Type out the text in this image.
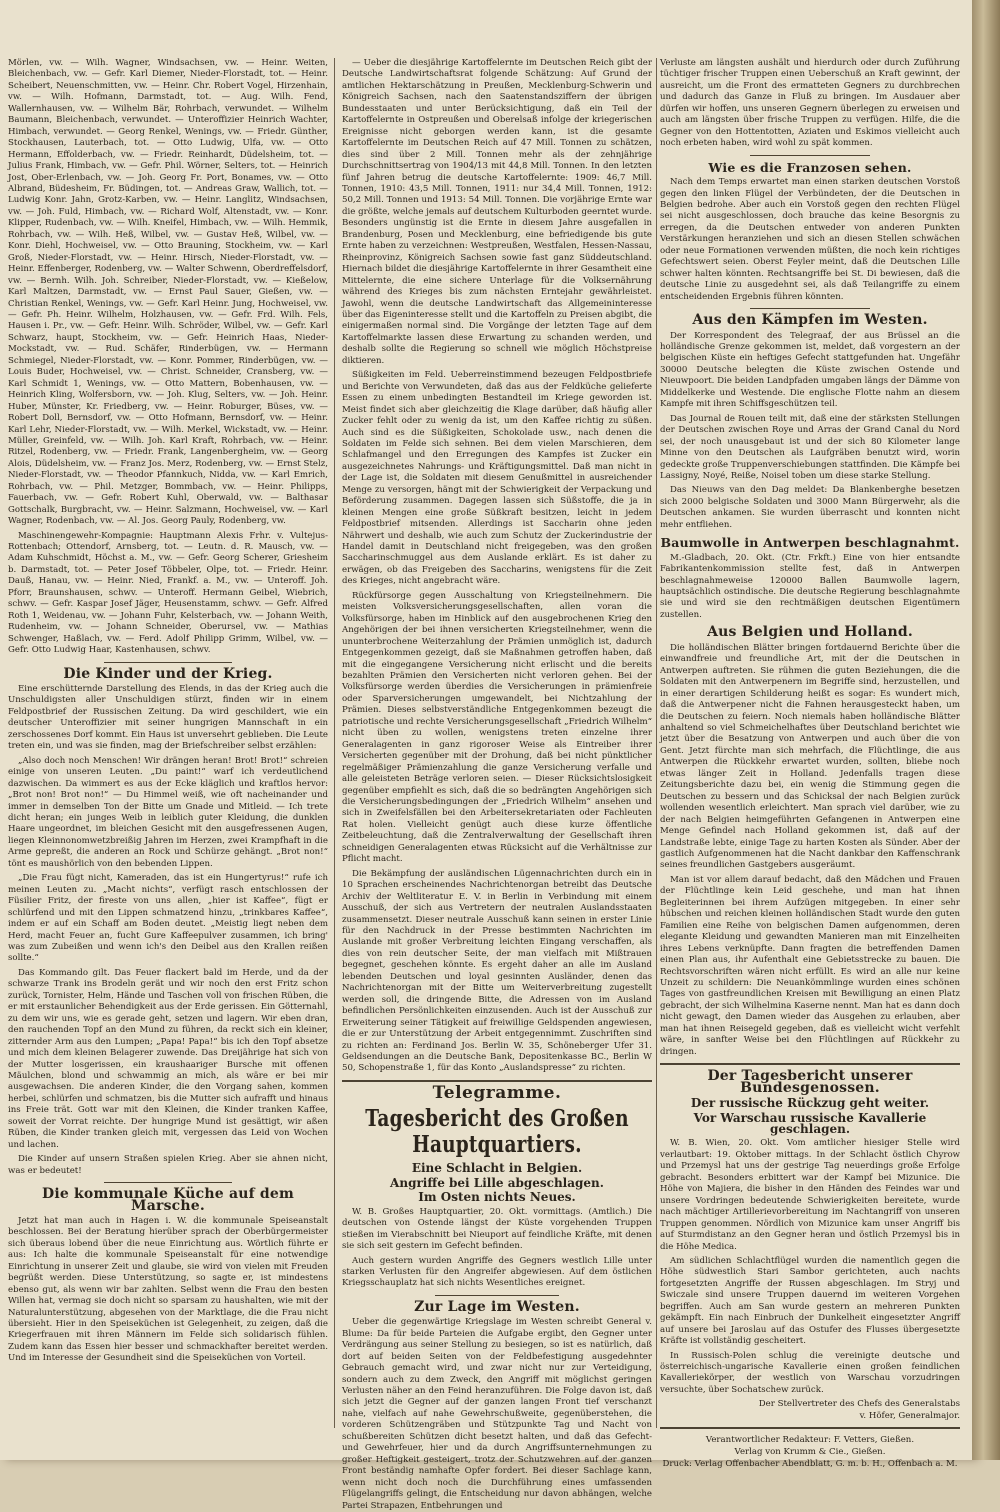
Mörlen, vw. — Wilh. Wagner, Windsachsen, vw. — Heinr. Weiten, Bleichenbach, vw. — Gefr. Karl Diemer, Nieder-Florstadt, tot. — Heinr. Scheibert, Neuenschmitten, vw. — Heinr. Chr. Robert Vogel, Hirzenhain, vw. — Wilh. Hofmann, Darmstadt, tot. — Aug. Wilh. Fend, Wallernhausen, vw. — Wilhelm Bär, Rohrbach, verwundet. — Wilhelm Baumann, Bleichenbach, verwundet. — Unteroffizier Heinrich Wachter, Himbach, verwundet. — Georg Renkel, Wenings, vw. — Friedr. Günther, Stockhausen, Lauterbach, tot. — Otto Ludwig, Ulfa, vw. — Otto Hermann, Effolderbach, vw. — Friedr. Reinhardt, Düdelsheim, tot. — Julius Frank, Himbach, vw. — Gefr. Phil. Wörner, Selters, tot. — Heinrich Jost, Ober-Erlenbach, vw. — Joh. Georg Fr. Port, Bonames, vw. — Otto Albrand, Büdesheim, Fr. Büdingen, tot. — Andreas Graw, Wallich, tot. — Ludwig Konr. Jahn, Grotz-Karben, vw. — Heinr. Langlitz, Windsachsen, vw. — Joh. Fuld, Himbach, vw. — Richard Wolf, Altenstadt, vw. — Konr. Klipper, Rudenbach, vw. — Wilh. Kneifel, Himbach, vw. — Wilh. Hemmik, Rohrbach, vw. — Wilh. Heß, Wilbel, vw. — Gustav Heß, Wilbel, vw. — Konr. Diehl, Hochweisel, vw. — Otto Brauning, Stockheim, vw. — Karl Groß, Nieder-Florstadt, vw. — Heinr. Hirsch, Nieder-Florstadt, vw. — Heinr. Effenberger, Rodenberg, vw. — Walter Schwenn, Oberdreffelsdorf, vw. — Bernh. Wilh. Joh. Schreiber, Nieder-Florstadt, vw. — Kießelow, Karl Maltzen, Darmstadt, vw. — Ernst Paul Sauer, Gießen, vw. — Christian Renkel, Wenings, vw. — Gefr. Karl Heinr. Jung, Hochweisel, vw. — Gefr. Ph. Heinr. Wilhelm, Holzhausen, vw. — Gefr. Frd. Wilh. Fels, Hausen i. Pr., vw. — Gefr. Heinr. Wilh. Schröder, Wilbel, vw. — Gefr. Karl Schwarz, haupt, Stockheim, vw. — Gefr. Heinrich Haas, Nieder-Mockstadt, vw. — Rud. Schäfer, Rinderbügen, vw. — Hermann Schmiegel, Nieder-Florstadt, vw. — Konr. Pommer, Rinderbügen, vw. — Louis Buder, Hochweisel, vw. — Christ. Schneider, Cransberg, vw. — Karl Schmidt 1, Wenings, vw. — Otto Mattern, Bobenhausen, vw. — Heinrich Kling, Wolfersborn, vw. — Joh. Klug, Selters, vw. — Joh. Heinr. Huber, Münster, Kr. Friedberg, vw. — Heinr. Roburger, Büses, vw. — Robert Doll, Bernsdorf, vw. — Otto Hofmann, Bernsdorf, vw. — Heinr. Karl Lehr, Nieder-Florstadt, vw. — Wilh. Merkel, Wickstadt, vw. — Heinr. Müller, Greinfeld, vw. — Wilh. Joh. Karl Kraft, Rohrbach, vw. — Heinr. Ritzel, Rodenberg, vw. — Friedr. Frank, Langenbergheim, vw. — Georg Alois, Düdelsheim, vw. — Franz Jos. Merz, Rodenberg, vw. — Ernst Stelz, Nieder-Florstadt, vw. — Theodor Pfannkuch, Nidda, vw. — Karl Emrich, Rohrbach, vw. — Phil. Metzger, Bommbach, vw. — Heinr. Philipps, Fauerbach, vw. — Gefr. Robert Kuhl, Oberwald, vw. — Balthasar Gottschalk, Burgbracht, vw. — Heinr. Salzmann, Hochweisel, vw. — Karl Wagner, Rodenbach, vw. — Al. Jos. Georg Pauly, Rodenberg, vw.

Maschinengewehr-Kompagnie: Hauptmann Alexis Frhr. v. Vultejus-Rottenbach; Ottendorf, Arnsberg, tot. — Leutn. d. R. Mausch, vw. — Adam Kuhschmidt, Höchst a. M., vw. — Gefr. Georg Scherer, Griesheim b. Darmstadt, tot. — Peter Josef Többeler, Olpe, tot. — Friedr. Heinr. Dauß, Hanau, vw. — Heinr. Nied, Frankf. a. M., vw. — Unteroff. Joh. Pforr, Braunshausen, schwv. — Unteroff. Hermann Geibel, Wiebrich, schwv. — Gefr. Kaspar Josef Jäger, Heusenstamm, schwv. — Gefr. Alfred Roth 1, Weidenau, vw. — Johann Fuhr, Kelsterbach, vw. — Johann Weith, Rudenheim, vw. — Johann Schneider, Oberursel, vw. — Mathias Schwenger, Haßlach, vw. — Ferd. Adolf Philipp Grimm, Wilbel, vw. — Gefr. Otto Ludwig Haar, Kastenhausen, schwv.

Die Kinder und der Krieg.

Eine erschütternde Darstellung des Elends, in das der Krieg auch die Unschuldigsten aller Unschuldigen stürzt, finden wir in einem Feldpostbrief der Russischen Zeitung. Da wird geschildert, wie ein deutscher Unteroffizier mit seiner hungrigen Mannschaft in ein zerschossenes Dorf kommt. Ein Haus ist unversehrt geblieben. Die Leute treten ein, und was sie finden, mag der Briefschreiber selbst erzählen:

„Also doch noch Menschen! Wir drängen heran! Brot! Brot!“ schreien einige von unseren Leuten. „Du paint!“ warf ich verdeutlichend dazwischen. Da wimmert es aus der Ecke kläglich und kraftlos hervor: „Brot non! Brot non!“ — Du Himmel weiß, wie oft nacheinander und immer in demselben Ton der Bitte um Gnade und Mitleid. — Ich trete dicht heran; ein junges Weib in leiblich guter Kleidung, die dunklen Haare ungeordnet, im bleichen Gesicht mit den ausgefressenen Augen, liegen Kleinnonomwetzbreißig Jahren im Herzen, zwei Krampfhaft in die Arme gepreßt, die anderen an Rock und Schürze gehängt. „Brot non!“ tönt es maushörlich von den bebenden Lippen.

„Die Frau fügt nicht, Kameraden, das ist ein Hungertyrus!“ rufe ich meinen Leuten zu. „Macht nichts“, verfügt rasch entschlossen der Füsilier Fritz, der fireste von uns allen, „hier ist Kaffee“, fügt er schlürfend und mit den Lippen schmatzend hinzu, „trinkbares Kaffee“, indem er auf ein Schaff am Boden deutet. „Meistig liegt neben dem Herd, macht Feuer an, fucht Gure Kaffeepulver zusammen, ich bring' was zum Zubeißen und wenn ich's den Deibel aus den Krallen reißen sollte.“

Das Kommando gilt. Das Feuer flackert bald im Herde, und da der schwarze Trank ins Brodeln gerät und wir noch den erst Fritz schon zurück, Tornister, Helm, Hände und Taschen voll von frischen Rüben, die er mit erstaunlicher Behendigkeit aus der Erde gerissen. Ein Götternahl, zu dem wir uns, wie es gerade geht, setzen und lagern. Wir eben dran, den rauchenden Topf an den Mund zu führen, da reckt sich ein kleiner, zitternder Arm aus den Lumpen; „Papa! Papa!“ bis ich den Topf absetze und mich dem kleinen Belagerer zuwende. Das Dreijährige hat sich von der Mutter losgerissen, ein kraushaariger Bursche mit offenen Mäulchen, blond und schwammig an mich, als wäre er bei mir ausgewachsen. Die anderen Kinder, die den Vorgang sahen, kommen herbei, schlürfen und schmatzen, bis die Mutter sich aufrafft und hinaus ins Freie trät. Gott war mit den Kleinen, die Kinder tranken Kaffee, soweit der Vorrat reichte. Der hungrige Mund ist gesättigt, wir aßen Rüben, die Kinder tranken gleich mit, vergessen das Leid von Wochen und lachen.

Die Kinder auf unsern Straßen spielen Krieg. Aber sie ahnen nicht, was er bedeutet!

Die kommunale Küche auf dem Marsche.

Jetzt hat man auch in Hagen i. W. die kommunale Speiseanstalt beschlossen. Bei der Beratung hierüber sprach der Oberbürgermeister sich überaus lobend über die neue Einrichtung aus. Wörtlich führte er aus: Ich halte die kommunale Speiseanstalt für eine notwendige Einrichtung in unserer Zeit und glaube, sie wird von vielen mit Freuden begrüßt werden. Diese Unterstützung, so sagte er, ist mindestens ebenso gut, als wenn wir bar zahlten. Selbst wenn die Frau den besten Willen hat, vermag sie doch nicht so sparsam zu haushalten, wie mit der Naturalunterstützung, abgesehen von der Marktlage, die die Frau nicht übersieht. Hier in den Speiseküchen ist Gelegenheit, zu zeigen, daß die Kriegerfrauen mit ihren Männern im Felde sich solidarisch fühlen. Zudem kann das Essen hier besser und schmackhafter bereitet werden. Und im Interesse der Gesundheit sind die Speiseküchen von Vorteil.

— Ueber die diesjährige Kartoffelernte im Deutschen Reich gibt der Deutsche Landwirtschaftsrat folgende Schätzung: Auf Grund der amtlichen Hektarschätzung in Preußen, Mecklenburg-Schwerin und Königreich Sachsen, nach den Saatenstandsziffern der übrigen Bundesstaaten und unter Berücksichtigung, daß ein Teil der Kartoffelernte in Ostpreußen und Oberelsaß infolge der kriegerischen Ereignisse nicht geborgen werden kann, ist die gesamte Kartoffelernte im Deutschen Reich auf 47 Mill. Tonnen zu schätzen, dies sind über 2 Mill. Tonnen mehr als der zehnjährige Durchschnittsertrag von 1904/13 mit 44,8 Mill. Tonnen. In den letzten fünf Jahren betrug die deutsche Kartoffelernte: 1909: 46,7 Mill. Tonnen, 1910: 43,5 Mill. Tonnen, 1911: nur 34,4 Mill. Tonnen, 1912: 50,2 Mill. Tonnen und 1913: 54 Mill. Tonnen. Die vorjährige Ernte war die größte, welche jemals auf deutschem Kulturboden geerntet wurde. Besonders ungünstig ist die Ernte in diesem Jahre ausgefallen in Brandenburg, Posen und Mecklenburg, eine befriedigende bis gute Ernte haben zu verzeichnen: Westpreußen, Westfalen, Hessen-Nassau, Rheinprovinz, Königreich Sachsen sowie fast ganz Süddeutschland. Hiernach bildet die diesjährige Kartoffelernte in ihrer Gesamtheit eine Mittelernte, die eine sichere Unterlage für die Volksernährung während des Krieges bis zum nächsten Erntejahr gewährleistet. Jawohl, wenn die deutsche Landwirtschaft das Allgemeininteresse über das Eigeninteresse stellt und die Kartoffeln zu Preisen abgibt, die einigermaßen normal sind. Die Vorgänge der letzten Tage auf dem Kartoffelmarkte lassen diese Erwartung zu schanden werden, und deshalb sollte die Regierung so schnell wie möglich Höchstpreise diktieren.

Süßigkeiten im Feld. Ueberreinstimmend bezeugen Feldpostbriefe und Berichte von Verwundeten, daß das aus der Feldküche gelieferte Essen zu einem unbedingten Bestandteil im Kriege geworden ist. Meist findet sich aber gleichzeitig die Klage darüber, daß häufig aller Zucker fehlt oder zu wenig da ist, um den Kaffee richtig zu süßen. Auch sind es die Süßigkeiten, Schokolade usw., nach denen die Soldaten im Felde sich sehnen. Bei dem vielen Marschieren, dem Schlafmangel und den Erregungen des Kampfes ist Zucker ein ausgezeichnetes Nahrungs- und Kräftigungsmittel. Daß man nicht in der Lage ist, die Soldaten mit diesem Genußmittel in ausreichender Menge zu versorgen, hängt mit der Schwierigkeit der Verpackung und Beförderung zusammen. Dagegen lassen sich Süßstoffe, die ja in kleinen Mengen eine große Süßkraft besitzen, leicht in jedem Feldpostbrief mitsenden. Allerdings ist Saccharin ohne jeden Nährwert und deshalb, wie auch zum Schutz der Zuckerindustrie der Handel damit in Deutschland nicht freigegeben, was den großen Saccharinschmuggel aus dem Auslande erklärt. Es ist daher zu erwägen, ob das Freigeben des Saccharins, wenigstens für die Zeit des Krieges, nicht angebracht wäre.

Rückfürsorge gegen Ausschaltung von Kriegsteilnehmern. Die meisten Volksversicherungsgesellschaften, allen voran die Volksfürsorge, haben im Hinblick auf den ausgebrochenen Krieg den Angehörigen der bei ihnen versicherten Kriegsteilnehmer, wenn die ununterbrochene Weiterzahlung der Prämien unmöglich ist, dadurch Entgegenkommen gezeigt, daß sie Maßnahmen getroffen haben, daß mit die eingegangene Versicherung nicht erlischt und die bereits bezahlten Prämien den Versicherten nicht verloren gehen. Bei der Volksfürsorge werden überdies die Versicherungen in prämienfreie oder Sparversicherungen umgewandelt, bei Nichtzahlung der Prämien. Dieses selbstverständliche Entgegenkommen bezeugt die patriotische und rechte Versicherungsgesellschaft „Friedrich Wilhelm“ nicht üben zu wollen, wenigstens treten einzelne ihrer Generalagenten in ganz rigoroser Weise als Eintreiber ihrer Versicherten gegenüber mit der Drohung, daß bei nicht pünktlicher regelmäßiger Prämienzahlung die ganze Versicherung verfalle und alle geleisteten Beträge verloren seien. — Dieser Rücksichtslosigkeit gegenüber empfiehlt es sich, daß die so bedrängten Angehörigen sich die Versicherungsbedingungen der „Friedrich Wilhelm“ ansehen und sich in Zweifelsfällen bei den Arbeitersekretariaten oder Fachleuten Rat holen. Vielleicht genügt auch diese kurze öffentliche Zeitbeleuchtung, daß die Zentralverwaltung der Gesellschaft ihren schneidigen Generalagenten etwas Rücksicht auf die Verhältnisse zur Pflicht macht.

Die Bekämpfung der ausländischen Lügennachrichten durch ein in 10 Sprachen erscheinendes Nachrichtenorgan betreibt das Deutsche Archiv der Weltliteratur E. V. in Berlin in Verbindung mit einem Ausschuß, der sich aus Vertretern der neutralen Auslandsstaaten zusammensetzt. Dieser neutrale Ausschuß kann seinen in erster Linie für den Nachdruck in der Presse bestimmten Nachrichten im Auslande mit großer Verbreitung leichten Eingang verschaffen, als dies von rein deutscher Seite, der man vielfach mit Mißtrauen begegnet, geschehen könnte. Es ergeht daher an alle im Ausland lebenden Deutschen und loyal gesinnten Ausländer, denen das Nachrichtenorgan mit der Bitte um Weiterverbreitung zugestellt werden soll, die dringende Bitte, die Adressen von im Ausland befindlichen Persönlichkeiten einzusenden. Auch ist der Ausschuß zur Erweiterung seiner Tätigkeit auf freiwillige Geldspenden angewiesen, die er zur Unterstützung der Arbeit entgegennimmt. Zuschriften sind zu richten an: Ferdinand Jos. Berlin W. 35, Schöneberger Ufer 31. Geldsendungen an die Deutsche Bank, Depositenkasse BC., Berlin W 50, Schopenstraße 1, für das Konto „Auslandspresse“ zu richten.

Telegramme.
Tagesbericht des Großen Hauptquartiers.
Eine Schlacht in Belgien.
Angriffe bei Lille abgeschlagen.
Im Osten nichts Neues.

W. B. Großes Hauptquartier, 20. Okt. vormittags. (Amtlich.) Die deutschen von Ostende längst der Küste vorgehenden Truppen stießen im Vierabschnitt bei Nieuport auf feindliche Kräfte, mit denen sie sich seit gestern im Gefecht befinden.

Auch gestern wurden Angriffe des Gegners westlich Lille unter starken Verlusten für den Angreifer abgewiesen. Auf dem östlichen Kriegsschauplatz hat sich nichts Wesentliches ereignet.

Zur Lage im Westen.

Ueber die gegenwärtige Kriegslage im Westen schreibt General v. Blume: Da für beide Parteien die Aufgabe ergibt, den Gegner unter Verdrängung aus seiner Stellung zu besiegen, so ist es natürlich, daß dort auf beiden Seiten von der Feldbefestigung ausgedehnter Gebrauch gemacht wird, und zwar nicht nur zur Verteidigung, sondern auch zu dem Zweck, den Angriff mit möglichst geringen Verlusten näher an den Feind heranzuführen. Die Folge davon ist, daß sich jetzt die Gegner auf der ganzen langen Front tief verschanzt nahe, vielfach auf nahe Gewehrschußweite, gegenüberstehen, die vorderen Schützengräben und Stützpunkte Tag und Nacht von schußbereiten Schützen dicht besetzt halten, und daß das Gefecht- und Gewehrfeuer, hier und da durch Angriffsunternehmungen zu großer Heftigkeit gesteigert, trotz der Schutzwehren auf der ganzen Front beständig namhafte Opfer fordert. Bei dieser Sachlage kann, wenn nicht doch noch die Durchführung eines umfassenden Flügelangriffs gelingt, die Entscheidung nur davon abhängen, welche Partei Strapazen, Entbehrungen und

Verluste am längsten aushält und hierdurch oder durch Zuführung tüchtiger frischer Truppen einen Ueberschuß an Kraft gewinnt, der ausreicht, um die Front des ermatteten Gegners zu durchbrechen und dadurch das Ganze in Fluß zu bringen. Im Ausdauer aber dürfen wir hoffen, uns unseren Gegnern überlegen zu erweisen und auch am längsten über frische Truppen zu verfügen. Hilfe, die die Gegner von den Hottentotten, Aziaten und Eskimos vielleicht auch noch erbeten haben, wird wohl zu spät kommen.

Wie es die Franzosen sehen.

Nach dem Temps erwartet man einen starken deutschen Vorstoß gegen den linken Flügel der Verbündeten, der die Deutschen in Belgien bedrohe. Aber auch ein Vorstoß gegen den rechten Flügel sei nicht ausgeschlossen, doch brauche das keine Besorgnis zu erregen, da die Deutschen entweder von anderen Punkten Verstärkungen heranziehen und sich an diesen Stellen schwächen oder neue Formationen verwenden müßten, die noch kein richtiges Gefechtswert seien. Oberst Feyler meint, daß die Deutschen Lille schwer halten könnten. Rechtsangriffe bei St. Di bewiesen, daß die deutsche Linie zu ausgedehnt sei, als daß Teilangriffe zu einem entscheidenden Ergebnis führen könnten.

Aus den Kämpfen im Westen.

Der Korrespondent des Telegraaf, der aus Brüssel an die holländische Grenze gekommen ist, meldet, daß vorgestern an der belgischen Küste ein heftiges Gefecht stattgefunden hat. Ungefähr 30000 Deutsche belegten die Küste zwischen Ostende und Nieuwpoort. Die beiden Landpfaden umgaben längs der Dämme von Middelkerke und Westende. Die englische Flotte nahm an diesem Kampfe mit ihren Schiffsgeschützen teil.

Das Journal de Rouen teilt mit, daß eine der stärksten Stellungen der Deutschen zwischen Roye und Arras der Grand Canal du Nord sei, der noch unausgebaut ist und der sich 80 Kilometer lange Minne von den Deutschen als Laufgräben benutzt wird, worin gedeckte große Truppenverschiebungen stattfinden. Die Kämpfe bei Lassigny, Noyé, Reiße, Noisel toben um diese starke Stellung.

Das Nieuws van den Dag meldet: Da Blankenberghe besetzen sich 2000 belgische Soldaten und 3000 Mann Bürgerwehr, als die Deutschen ankamen. Sie wurden überrascht und konnten nicht mehr entfliehen.

Baumwolle in Antwerpen beschlagnahmt.

M.-Gladbach, 20. Okt. (Ctr. Frkft.) Eine von hier entsandte Fabrikantenkommission stellte fest, daß in Antwerpen beschlagnahmeweise 120000 Ballen Baumwolle lagern, hauptsächlich ostindische. Die deutsche Regierung beschlagnahmte sie und wird sie den rechtmäßigen deutschen Eigentümern zustellen.

Aus Belgien und Holland.

Die holländischen Blätter bringen fortdauernd Berichte über die einwandfreie und freundliche Art, mit der die Deutschen in Antwerpen auftreten. Sie rühmen die guten Beziehungen, die die Soldaten mit den Antwerpenern im Begriffe sind, herzustellen, und in einer derartigen Schilderung heißt es sogar: Es wundert mich, daß die Antwerpener nicht die Fahnen herausgesteckt haben, um die Deutschen zu feiern. Noch niemals haben holländische Blätter anhaltend so viel Schmeichelhaftes über Deutschland berichtet wie jetzt über die Besatzung von Antwerpen und auch über die von Gent. Jetzt fürchte man sich mehrfach, die Flüchtlinge, die aus Antwerpen die Rückkehr erwartet wurden, sollten, bliebe noch etwas länger Zeit in Holland. Jedenfalls tragen diese Zeitungsberichte dazu bei, ein wenig die Stimmung gegen die Deutschen zu bessern und das Schicksal der nach Belgien zurück wollenden wesentlich erleichtert. Man sprach viel darüber, wie zu der nach Belgien heimgeführten Gefangenen in Antwerpen eine Menge Gefindel nach Holland gekommen ist, daß auf der Landstraße lebte, einige Tage zu harten Kosten als Sünder. Aber der gastlich Aufgenommenen hat die Nacht dankbar den Kaffenschrank seines freundlichen Gastgebers ausgeräumt.

Man ist vor allem darauf bedacht, daß den Mädchen und Frauen der Flüchtlinge kein Leid geschehe, und man hat ihnen Begleiterinnen bei ihrem Aufzügen mitgegeben. In einer sehr hübschen und reichen kleinen holländischen Stadt wurde den guten Familien eine Reihe von belgischen Damen aufgenommen, deren elegante Kleidung und gewandten Manieren man mit Einzelheiten ihres Lebens verknüpfte. Dann fragten die betreffenden Damen einen Plan aus, ihr Aufenthalt eine Gebietsstrecke zu bauen. Die Rechtsvorschriften wären nicht erfüllt. Es wird an alle nur keine Unzeit zu schildern: Die Neuankömmlinge wurden eines schönen Tages von gastfreundlichen Kreisen mit Bewilligung an einen Platz gebracht, der sich Wilhelmina Kaserne nennt. Man hat es dann doch nicht gewagt, den Damen wieder das Ausgehen zu erlauben, aber man hat ihnen Reisegeld gegeben, daß es vielleicht wicht verfehlt wäre, in sanfter Weise bei den Flüchtlingen auf Rückkehr zu dringen.

Der Tagesbericht unserer Bundesgenossen.
Der russische Rückzug geht weiter.
Vor Warschau russische Kavallerie geschlagen.

W. B. Wien, 20. Okt. Vom amtlicher hiesiger Stelle wird verlautbart: 19. Oktober mittags. In der Schlacht östlich Chyrow und Przemysl hat uns der gestrige Tag neuerdings große Erfolge gebracht. Besonders erbittert war der Kampf bei Mizunice. Die Höhe von Majiera, die bisher in den Händen des Feindes war und unsere Vordringen bedeutende Schwierigkeiten bereitete, wurde nach mächtiger Artillerievorbereitung im Nachtangriff von unseren Truppen genommen. Nördlich von Mizunice kam unser Angriff bis auf Sturmdistanz an den Gegner heran und östlich Przemysl bis in die Höhe Medica.

Am südlichen Schlachtflügel wurden die namentlich gegen die Höhe südwestlich Stari Sambor gerichteten, auch nachts fortgesetzten Angriffe der Russen abgeschlagen. Im Stryj und Swiczale sind unsere Truppen dauernd im weiteren Vorgehen begriffen. Auch am San wurde gestern an mehreren Punkten gekämpft. Ein nach Einbruch der Dunkelheit eingesetzter Angriff auf unsere bei Jaroslau auf das Ostufer des Flusses übergesetzte Kräfte ist vollständig gescheitert.

In Russisch-Polen schlug die vereinigte deutsche und österreichisch-ungarische Kavallerie einen großen feindlichen Kavalleriekörper, der westlich von Warschau vorzudringen versuchte, über Sochatschew zurück.

Der Stellvertreter des Chefs des Generalstabs
v. Höfer, Generalmajor.
Verantwortlicher Redakteur: F. Vetters, Gießen.
Verlag von Krumm & Cie., Gießen.
Druck: Verlag Offenbacher Abendblatt, G. m. b. H., Offenbach a. M.
